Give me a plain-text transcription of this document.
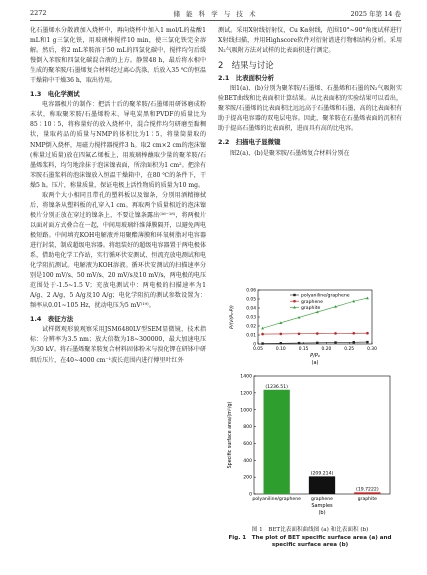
2272	储 能 科 学 与 技 术	2025 年第 14 卷

化石墨烯水分散液加入烧杯中，再向烧杯中加入1 mol/L的盐酸1 mL和1 g三氯化铁，用玻璃棒搅拌10 min，使三氯化铁完全溶解。然后，将2 mL苯胺溶于50 mL的四氯化碳中，搅拌均匀后缓慢倒入苯胺和四氯化碳混合液的上方。静置48 h，最后将水相中生成的聚苯胺/石墨烯复合材料经过离心洗涤，后放入35 ℃的恒温干燥箱中干燥36 h，取出待用。

1.3　电化学测试

电容器极片的制作：把活十后的聚苯胺/石墨烯用研钵磨成粉末状，称取聚苯胺/石墨烯粉末、导电炭黑和PVDF的质量比为85∶10∶5，将称量好的放入烧杯中，混合搅拌均匀研磨至黏稠状，量取药品的质量与NMP的体积比为1∶5，将量筒量取的NMP倒入烧杯，用磁力搅拌器搅拌3 h。取2 cm×2 cm的泡沫镍(称量过质量)放在四氟乙烯板上，用玻璃棒蘸取少量的聚苯胺/石墨烯浆料，均匀地涂抹于泡沫镍表面，所涂面积为1 cm²。把涂有苯胺石墨浆料的泡沫镍放入恒温干燥箱中，在80 ℃的条件下，干燥5 h。压片，称量质量，保证电极上活性物质的质量为10 mg。

取两个大小相同且带孔的塑料板以及镍条，分别用酒精擦拭后，将镍条从塑料板的孔穿入1 cm。再取两个质量相近的泡沫镍极片分别正放在穿过的镍条上，不要让镍条露出⁽¹⁶⁻¹⁸⁾，将两极片以面对面方式叠合在一起，中间用玻璃纤维薄膜隔开，以避免两电极短路。中间填充KOH电解液并用聚酯薄膜和环氧树脂对电容器进行封装，制成超级电容器。将组装好的超级电容器置于两电极体系，借助电化学工作站，实行循环伏安测试、恒流充放电测试和电化学阻抗测试。电解液为KOH溶液。循环伏安测试的扫描速率分别是100 mV/s、50 mV/s、20 mV/s及10 mV/s，两电极的电压范围处于-1.5~1.5 V；充放电测试中：两电极的扫描速率为1 A/g、2 A/g、5 A/g及10 A/g；电化学阻抗的测试参数设置为：频率从0.01~105 Hz，扰动电压为5 mV⁽¹⁹⁾。

1.4　表征方法

试样微观形貌观察采用JSM6480LV型SEM显微镜，技术指标：分辨率为3.5 nm；放大倍数为18~300000，最大加速电压为30 kV。将石墨烯聚苯胺复合材料固体粉末与溴化钾在研钵中研细后压片，在40~4000 cm⁻¹波长范围内进行傅里叶红外

测试。采用X射线衍射仪，Cu Kα射线，范围10°~90°角度试样进行X射线扫描，并用Highscore软件对衍射谱进行物相结构分析。采用N₂气吸附方法对试样的比表面积进行测定。

2　结果与讨论
2.1　比表面积分析

图1(a)、(b)分别为聚苯胺/石墨烯、石墨烯和石墨的N₂气吸附实验BET曲线和比表面积计算结果。从比表面积的实验结果可以看出，聚苯胺/石墨烯的比表面积比远远高于石墨烯和石墨，高的比表面积有助于提高电容器的双电层电容。因此，聚苯胺在石墨烯表面的沉积有助于提高石墨烯的比表面积，进而具有高的比电容。

2.2　扫描电子显微镜

图2(a)、(b)是聚苯胺/石墨烯复合材料分别在

0
0.01
0.02
0.03
0.04
0.05
0.06
0.05	0.10	0.15	0.20	0.25	0.30
P/P₀
P/(V(P₀-P))
(a)
polyaniline/graphene
graphene
graphite
0
200
400
600
800
1000
1200
1400
(1236.51)
polyaniline/graphene
(209.214)
graphene
(19.7222)
graphite
Samples
Specific surface area/(m²/g)
(b)
图 1　BET比表面积曲线图 (a) 和比表面积 (b)
Fig. 1　The plot of BET specific surface area (a) and
specific surface area (b)
